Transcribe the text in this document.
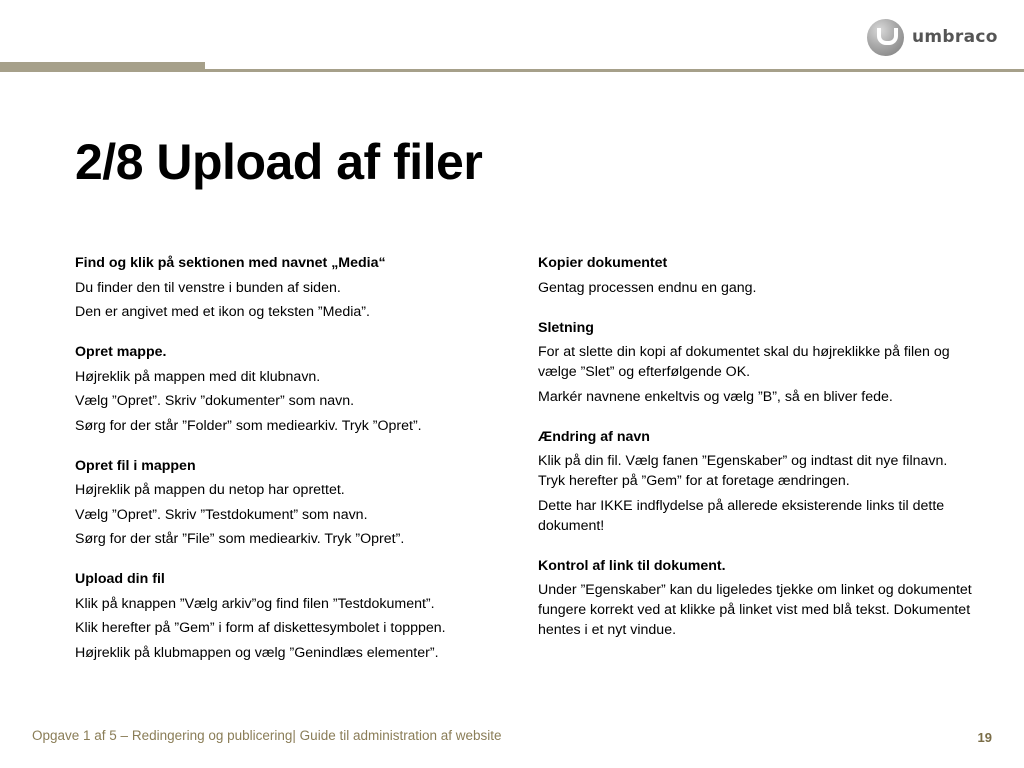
umbraco
2/8 Upload af filer
Find og klik på sektionen med navnet „Media“
Du finder den til venstre i bunden af siden.
Den er angivet med et ikon og teksten ”Media”.
Opret mappe.
Højreklik på mappen med dit klubnavn.
Vælg ”Opret”. Skriv ”dokumenter” som navn.
Sørg for der står ”Folder” som mediearkiv. Tryk ”Opret”.
Opret fil i mappen
Højreklik på mappen du netop har oprettet.
Vælg ”Opret”. Skriv ”Testdokument” som navn.
Sørg for der står ”File” som mediearkiv. Tryk ”Opret”.
Upload din fil
Klik på knappen ”Vælg arkiv”og find filen ”Testdokument”.
Klik herefter på ”Gem” i form af diskettesymbolet i topppen.
Højreklik på klubmappen og vælg ”Genindlæs elementer”.
Kopier dokumentet
Gentag processen endnu en gang.
Sletning
For at slette din kopi af dokumentet skal du højreklikke på filen og vælge ”Slet” og efterfølgende OK.
Markér navnene enkeltvis og vælg ”B”, så en bliver fede.
Ændring af navn
Klik på din fil. Vælg fanen ”Egenskaber” og indtast dit nye filnavn. Tryk herefter på ”Gem” for at foretage ændringen.
Dette har IKKE indflydelse på allerede eksisterende links til dette dokument!
Kontrol af link til dokument.
Under ”Egenskaber” kan du ligeledes tjekke om linket og dokumentet fungere korrekt ved at klikke på linket vist med blå tekst. Dokumentet hentes i et nyt vindue.
Opgave 1 af 5 – Redingering og publicering| Guide til administration af website	19
